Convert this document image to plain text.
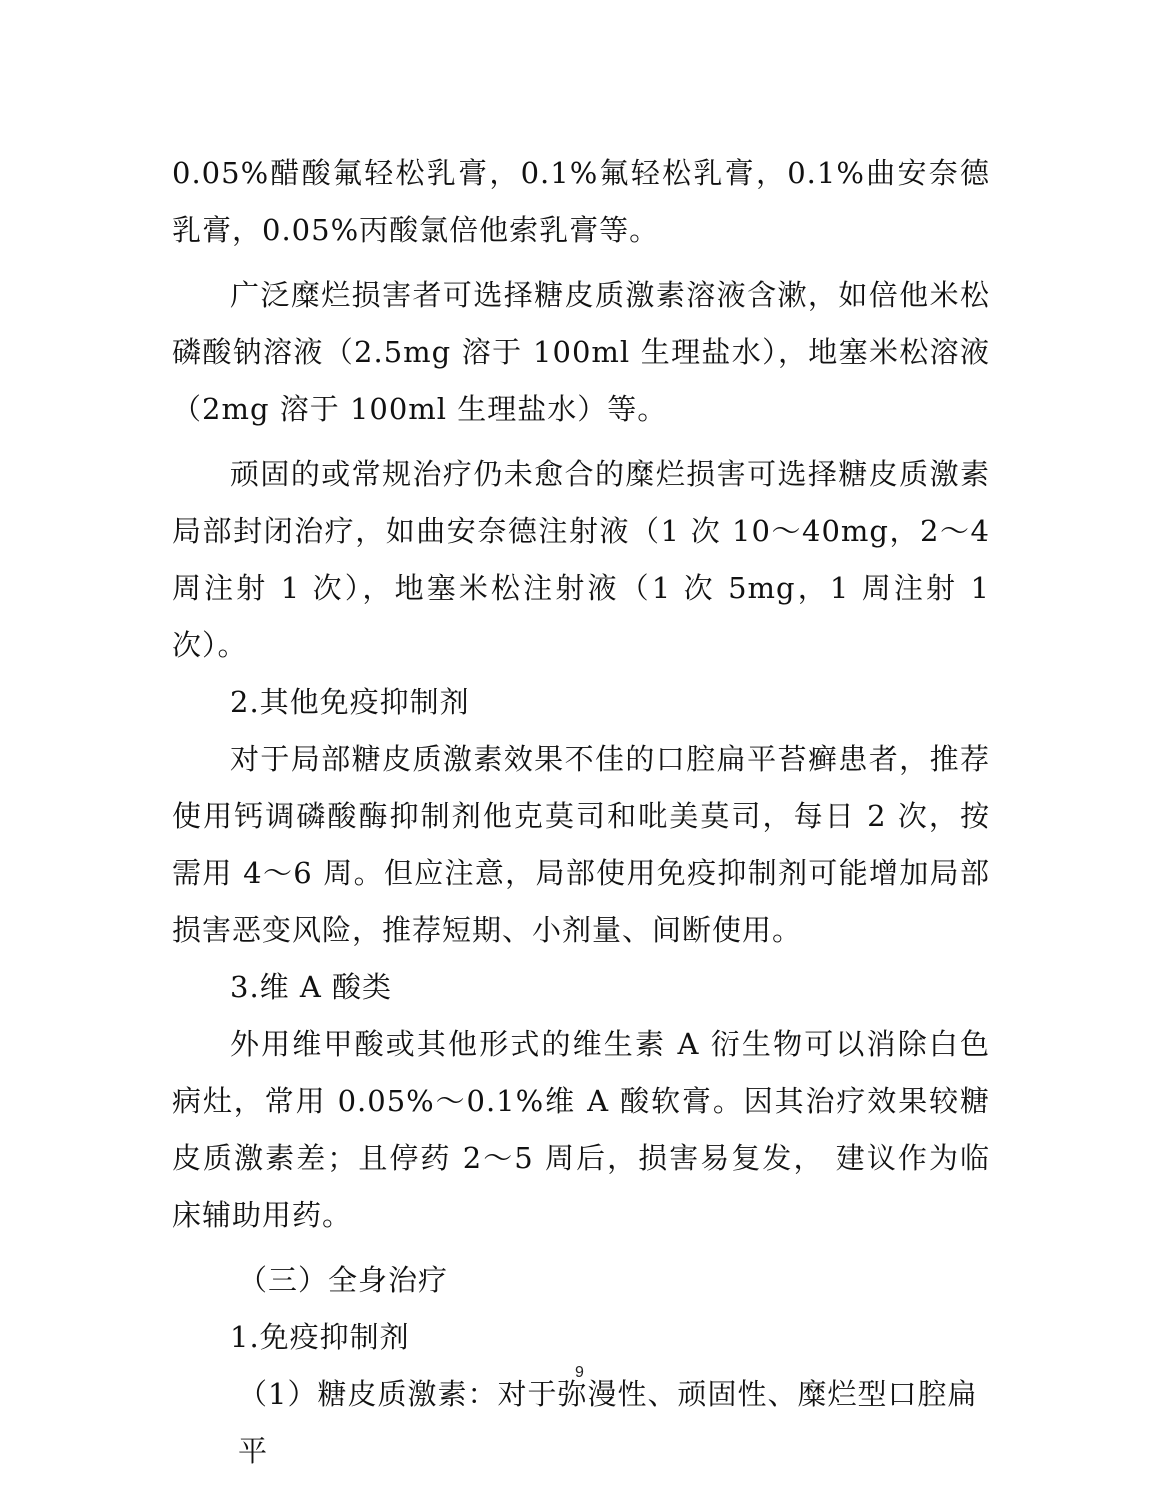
0.05%醋酸氟轻松乳膏，0.1%氟轻松乳膏，0.1%曲安奈德乳膏，0.05%丙酸氯倍他索乳膏等。

广泛糜烂损害者可选择糖皮质激素溶液含漱，如倍他米松磷酸钠溶液（2.5mg 溶于 100ml 生理盐水），地塞米松溶液（2mg 溶于 100ml 生理盐水）等。

顽固的或常规治疗仍未愈合的糜烂损害可选择糖皮质激素局部封闭治疗，如曲安奈德注射液（1 次 10～40mg，2～4 周注射 1 次），地塞米松注射液（1 次 5mg，1 周注射 1 次）。

2.其他免疫抑制剂

对于局部糖皮质激素效果不佳的口腔扁平苔癣患者，推荐使用钙调磷酸酶抑制剂他克莫司和吡美莫司，每日 2 次，按需用 4～6 周。但应注意，局部使用免疫抑制剂可能增加局部损害恶变风险，推荐短期、小剂量、间断使用。

3.维 A 酸类

外用维甲酸或其他形式的维生素 A 衍生物可以消除白色病灶，常用 0.05%～0.1%维 A 酸软膏。因其治疗效果较糖皮质激素差；且停药 2～5 周后，损害易复发， 建议作为临床辅助用药。

（三）全身治疗

1.免疫抑制剂

（1）糖皮质激素：对于弥漫性、顽固性、糜烂型口腔扁平

9
